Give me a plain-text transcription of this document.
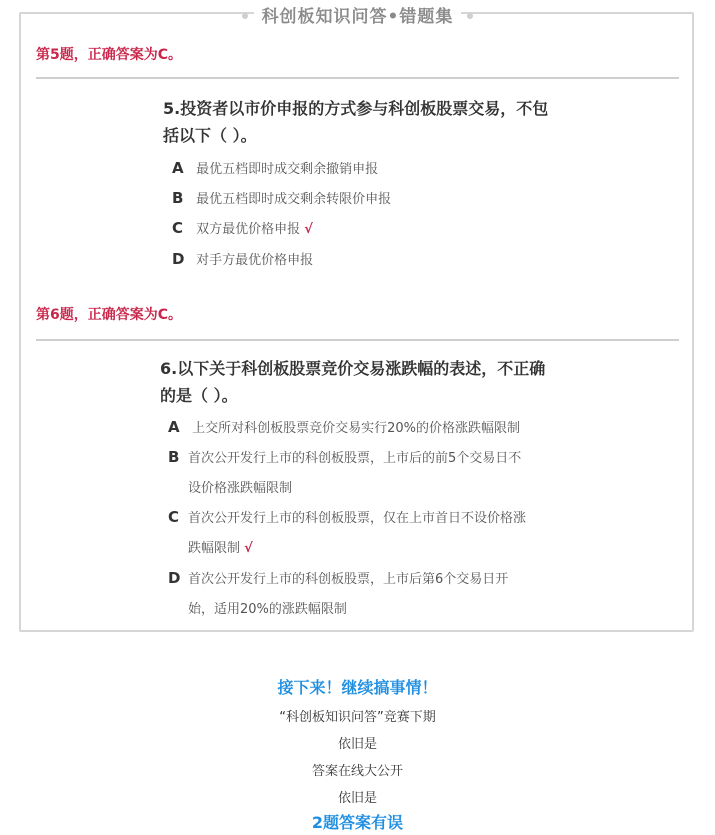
科创板知识问答•错题集
第5题，正确答案为C。
5.投资者以市价申报的方式参与科创板股票交易，不包
括以下（ ）。
A 最优五档即时成交剩余撤销申报
B 最优五档即时成交剩余转限价申报
C 双方最优价格申报 √
D 对手方最优价格申报
第6题，正确答案为C。
6.以下关于科创板股票竞价交易涨跌幅的表述，不正确
的是（ ）。
A 上交所对科创板股票竞价交易实行20%的价格涨跌幅限制
B 首次公开发行上市的科创板股票，上市后的前5个交易日不
设价格涨跌幅限制
C 首次公开发行上市的科创板股票，仅在上市首日不设价格涨
跌幅限制 √
D 首次公开发行上市的科创板股票，上市后第6个交易日开
始，适用20%的涨跌幅限制
接下来！继续搞事情！
“科创板知识问答”竞赛下期
依旧是
答案在线大公开
依旧是
2题答案有误
